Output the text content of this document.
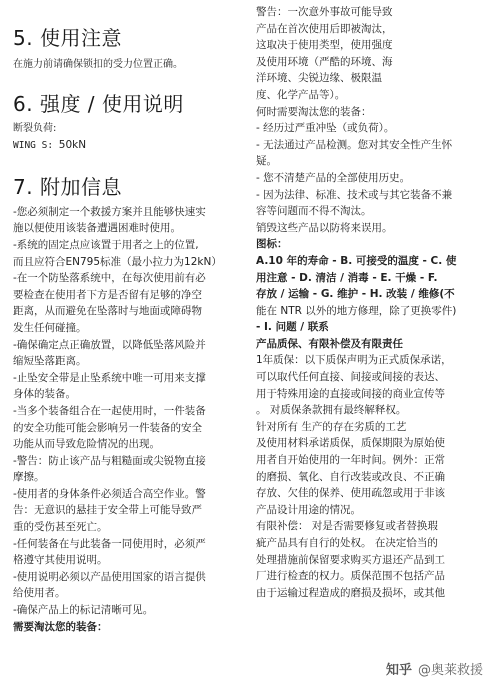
5. 使用注意
在施力前请确保锁扣的受力位置正确。
6. 强度 / 使用说明
断裂负荷:
WING S: 50kN
7. 附加信息
-您必须制定一个救援方案并且能够快速实
施以便使用该装备遭遇困难时使用。
-系统的固定点应该置于用者之上的位置,
而且应符合EN795标准（最小拉力为12kN）
-在一个防坠落系统中，在每次使用前有必
要检查在使用者下方是否留有足够的净空
距离，从而避免在坠落时与地面或障碍物
发生任何碰撞。
-确保确定点正确放置，以降低坠落风险并
缩短坠落距离。
-止坠安全带是止坠系统中唯一可用来支撑
身体的装备。
-当多个装备组合在一起使用时，一件装备
的安全功能可能会影响另一件装备的安全
功能从而导致危险情况的出现。
-警告：防止该产品与粗糙面或尖锐物直接
摩擦。
-使用者的身体条件必须适合高空作业。警
告：无意识的悬挂于安全带上可能导致严
重的受伤甚至死亡。
-任何装备在与此装备一同使用时，必须严
格遵守其使用说明。
-使用说明必须以产品使用国家的语言提供
给使用者。
-确保产品上的标记清晰可见。
需要淘汰您的装备：
警告：一次意外事故可能导致
产品在首次使用后即被淘汰，
这取决于使用类型，使用强度
及使用环境（严酷的环境、海
洋环境、尖锐边缘、极限温
度、化学产品等）。
何时需要淘汰您的装备：
- 经历过严重冲坠（或负荷）。
- 无法通过产品检测。您对其安全性产生怀
疑。
- 您不清楚产品的全部使用历史。
- 因为法律、标准、技术或与其它装备不兼
容等问题而不得不淘汰。
销毁这些产品以防将来误用。
图标：
A.10 年的寿命 - B. 可接受的温度 - C. 使
用注意 - D. 清洁 / 消毒 - E. 干燥 - F.
存放 / 运输 - G. 维护 - H. 改装 / 维修(不
能在 NTR 以外的地方修理，除了更换零件)
- I. 问题 / 联系
产品质保、有限补偿及有限责任
1年质保：以下质保声明为正式质保承诺，
可以取代任何直接、间接或间接的表达、
用于特殊用途的直接或间接的商业宣传等
。 对质保条款拥有最终解释权。
针对所有 生产的存在劣质的工艺
及使用材料承诺质保，质保期限为原始使
用者自开始使用的一年时间。例外：正常
的磨损、氧化、自行改装或改良、不正确
存放、欠佳的保养、使用疏忽或用于非该
产品设计用途的情况。
有限补偿： 对是否需要修复或者替换瑕
疵产品具有自行的处权。 在决定恰当的
处理措施前保留要求购买方退还产品到工
厂进行检查的权力。质保范围不包括产品
由于运输过程造成的磨损及损坏，或其他
知乎 @奥莱救援
